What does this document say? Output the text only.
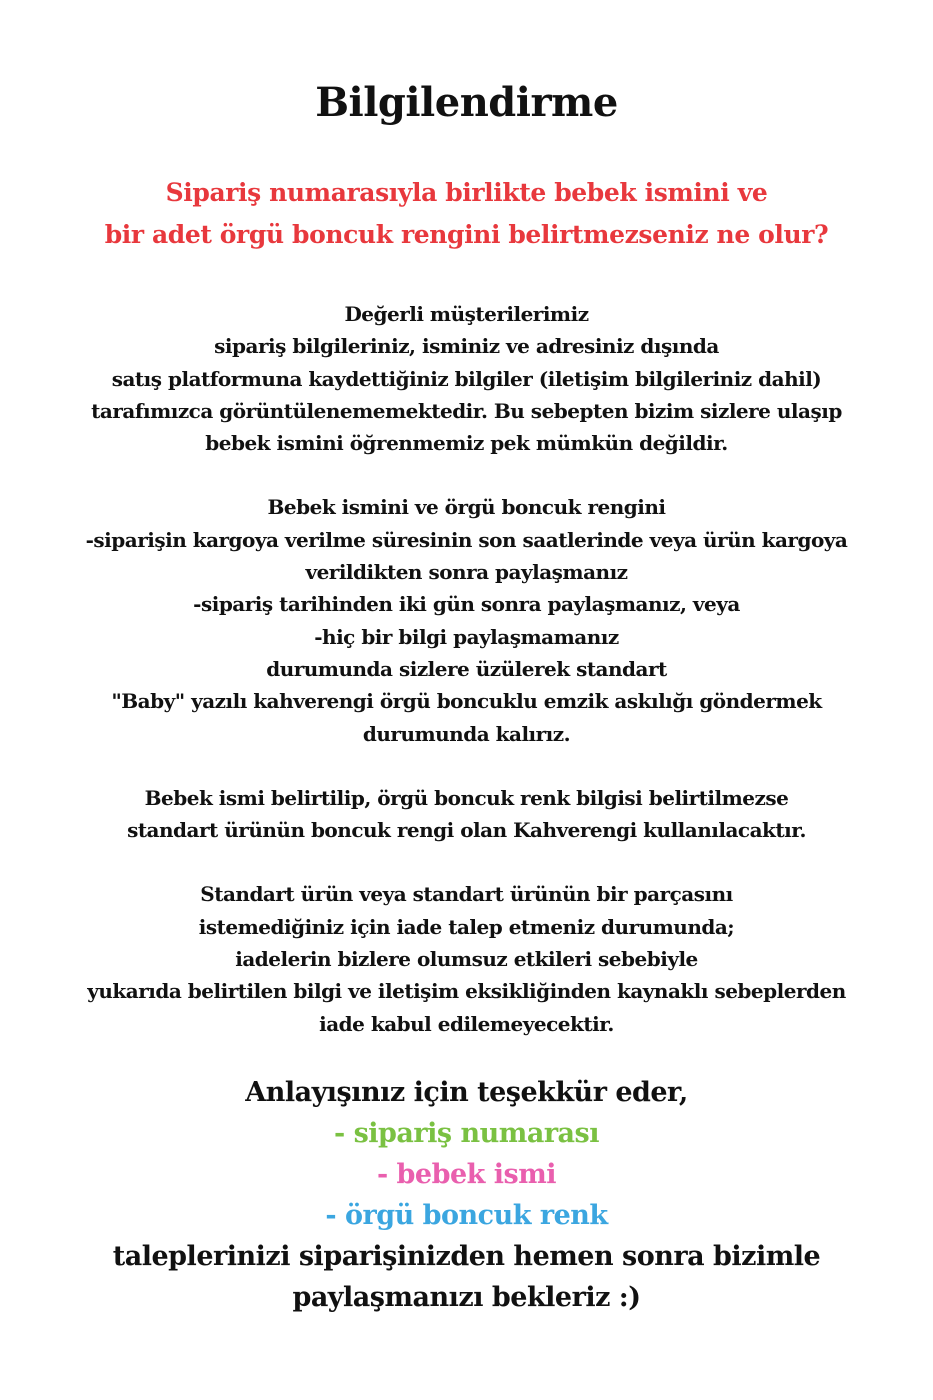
Bilgilendirme
Sipariş numarasıyla birlikte bebek ismini ve
bir adet örgü boncuk rengini belirtmezseniz ne olur?
Değerli müşterilerimiz
sipariş bilgileriniz, isminiz ve adresiniz dışında
satış platformuna kaydettiğiniz bilgiler (iletişim bilgileriniz dahil)
tarafımızca görüntülenememektedir. Bu sebepten bizim sizlere ulaşıp
bebek ismini öğrenmemiz pek mümkün değildir.
Bebek ismini ve örgü boncuk rengini
-siparişin kargoya verilme süresinin son saatlerinde veya ürün kargoya
verildikten sonra paylaşmanız
-sipariş tarihinden iki gün sonra paylaşmanız, veya
-hiç bir bilgi paylaşmamanız
durumunda sizlere üzülerek standart
"Baby" yazılı kahverengi örgü boncuklu emzik askılığı göndermek
durumunda kalırız.
Bebek ismi belirtilip, örgü boncuk renk bilgisi belirtilmezse
standart ürünün boncuk rengi olan Kahverengi kullanılacaktır.
Standart ürün veya standart ürünün bir parçasını
istemediğiniz için iade talep etmeniz durumunda;
iadelerin bizlere olumsuz etkileri sebebiyle
yukarıda belirtilen bilgi ve iletişim eksikliğinden kaynaklı sebeplerden
iade kabul edilemeyecektir.
Anlayışınız için teşekkür eder,
- sipariş numarası
- bebek ismi
- örgü boncuk renk
taleplerinizi siparişinizden hemen sonra bizimle
paylaşmanızı bekleriz :)
